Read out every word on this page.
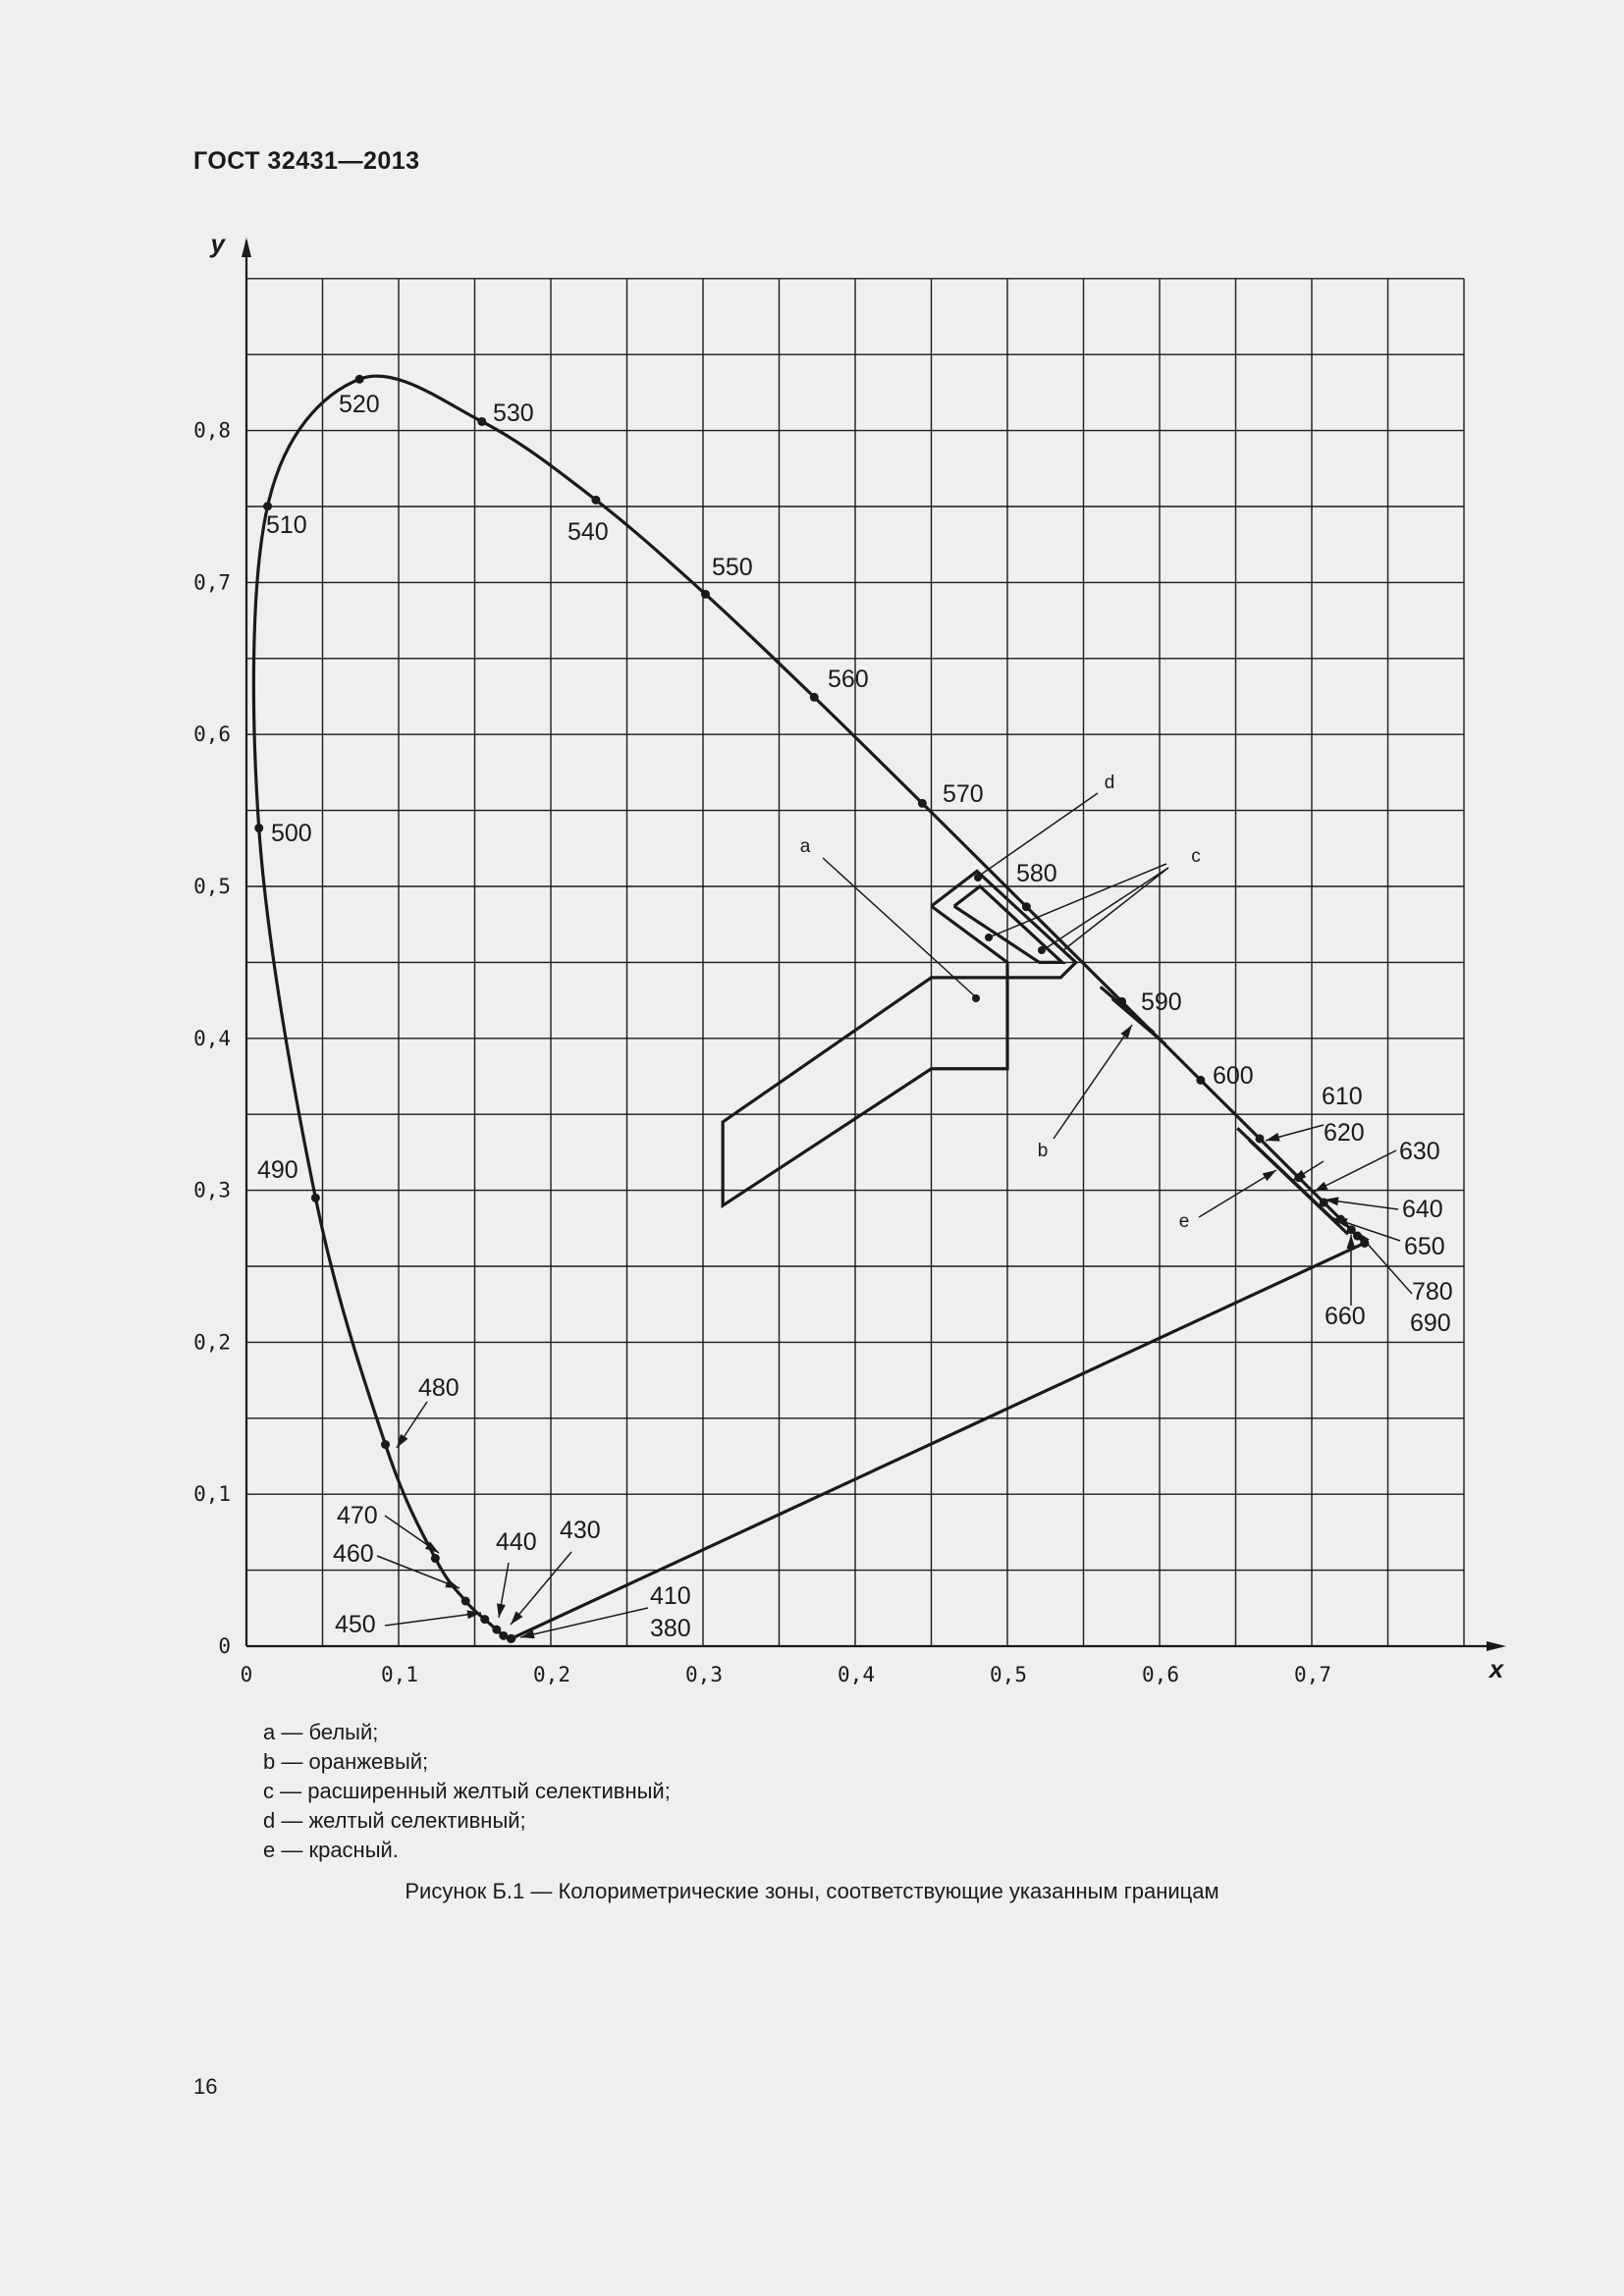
ГОСТ 32431—2013
0	0,1	0,2	0,3	0,4	0,5	0,6	0,7
0
0,1
0,2
0,3
0,4
0,5
0,6
0,7
0,8
y
x
380
410
430
440
450
460
470
480
490
500
510
520	530
540
550
560
570
580
590
600
610
620
630
640
650
660 690
780
a
b
c
d
e
a — белый;
b — оранжевый;
c — расширенный желтый селективный;
d — желтый селективный;
e — красный.
Рисунок Б.1 — Колориметрические зоны, соответствующие указанным границам
16
